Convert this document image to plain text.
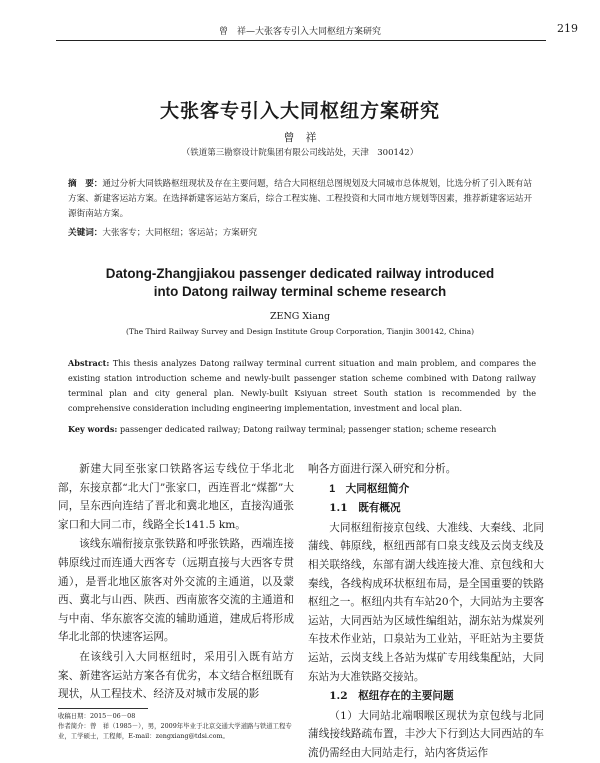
曾　祥—大张客专引入大同枢纽方案研究	219
大张客专引入大同枢纽方案研究
曾　祥
（铁道第三勘察设计院集团有限公司线站处，天津　300142）
摘　要：通过分析大同铁路枢纽现状及存在主要问题，结合大同枢纽总图规划及大同城市总体规划，比选分析了引入既有站方案、新建客运站方案。在选择新建客运站方案后，综合工程实施、工程投资和大同市地方规划等因素，推荐新建客运站开源街南站方案。
关键词：大张客专；大同枢纽；客运站；方案研究
Datong-Zhangjiakou passenger dedicated railway introduced
into Datong railway terminal scheme research
ZENG Xiang
(The Third Railway Survey and Design Institute Group Corporation, Tianjin 300142, China)
Abstract: This thesis analyzes Datong railway terminal current situation and main problem, and compares the existing station introduction scheme and newly-built passenger station scheme combined with Datong railway terminal plan and city general plan. Newly-built Ksiyuan street South station is recommended by the comprehensive consideration including engineering implementation, investment and local plan.
Key words: passenger dedicated railway; Datong railway terminal; passenger station; scheme research

新建大同至张家口铁路客运专线位于华北北部，东接京都“北大门”张家口，西连晋北“煤都”大同，呈东西向连结了晋北和冀北地区，直接沟通张家口和大同二市，线路全长141.5 km。

该线东端衔接京张铁路和呼张铁路，西端连接韩原线过而连通大西客专（远期直接与大西客专贯通），是晋北地区旅客对外交流的主通道，以及蒙西、冀北与山西、陕西、西南旅客交流的主通道和与中南、华东旅客交流的辅助通道，建成后将形成华北北部的快速客运网。

在该线引入大同枢纽时，采用引入既有站方案、新建客运站方案各有优劣，本文结合枢纽既有现状，从工程技术、经济及对城市发展的影

响各方面进行深入研究和分析。

1　大同枢纽简介

1.1　既有概况

大同枢纽衔接京包线、大准线、大秦线、北同蒲线、韩原线，枢纽西部有口泉支线及云岗支线及相关联络线，东部有湖大线连接大准、京包线和大秦线，各线构成环状枢纽布局，是全国重要的铁路枢纽之一。枢纽内共有车站20个，大同站为主要客运站，大同西站为区域性编组站，湖东站为煤炭列车技术作业站，口泉站为工业站，平旺站为主要货运站，云岗支线上各站为煤矿专用线集配站，大同东站为大准铁路交接站。

1.2　枢纽存在的主要问题

（1）大同站北端咽喉区现状为京包线与北同蒲线接线路疏布置，丰沙大下行到达大同西站的车流仍需经由大同站走行，站内客货运作

收稿日期：2015－06－08
作者简介：曾　祥（1985－），男，2009年毕业于北京交通大学道路与铁道工程专业，工学硕士，工程师，E-mail：zengxiang@tdsi.com。
